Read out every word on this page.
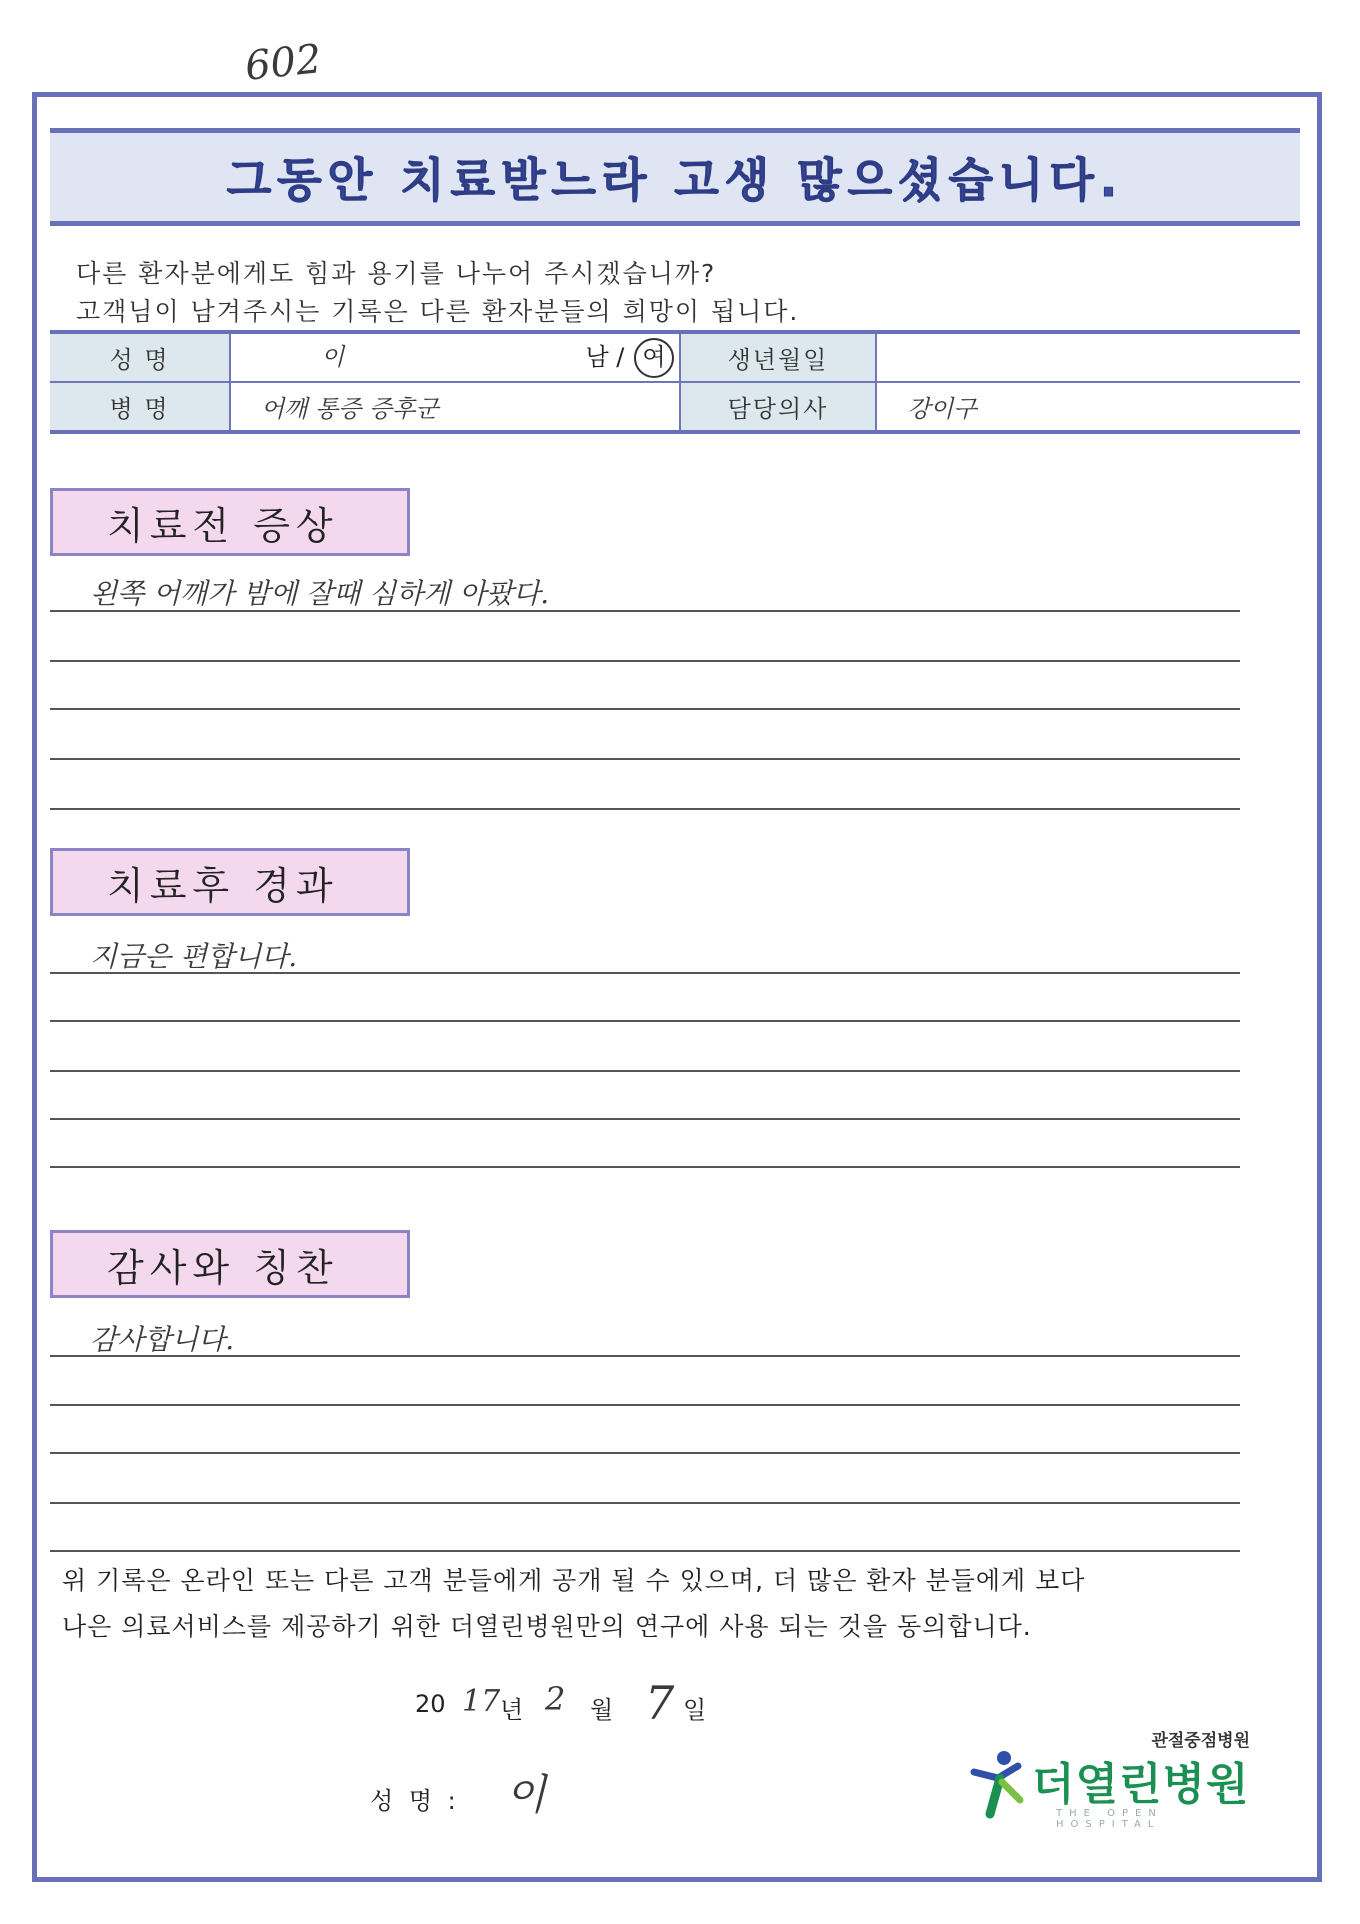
602
그동안 치료받느라 고생 많으셨습니다.
다른 환자분에게도 힘과 용기를 나누어 주시겠습니까?
고객님이 남겨주시는 기록은 다른 환자분들의 희망이 됩니다.
성 명	이 남 / 여	생년월일	
병 명	어깨 통증 증후군	담당의사	강이구
치료전 증상
왼쪽 어깨가 밤에 잘때 심하게 아팠다.
치료후 경과
지금은 편합니다.
감사와 칭찬
감사합니다.
위 기록은 온라인 또는 다른 고객 분들에게 공개 될 수 있으며, 더 많은 환자 분들에게 보다
나은 의료서비스를 제공하기 위한 더열린병원만의 연구에 사용 되는 것을 동의합니다.
20 17 년 2 월 7 일
성 명 : 이
관절중점병원
더열린병원
THE OPEN HOSPITAL
